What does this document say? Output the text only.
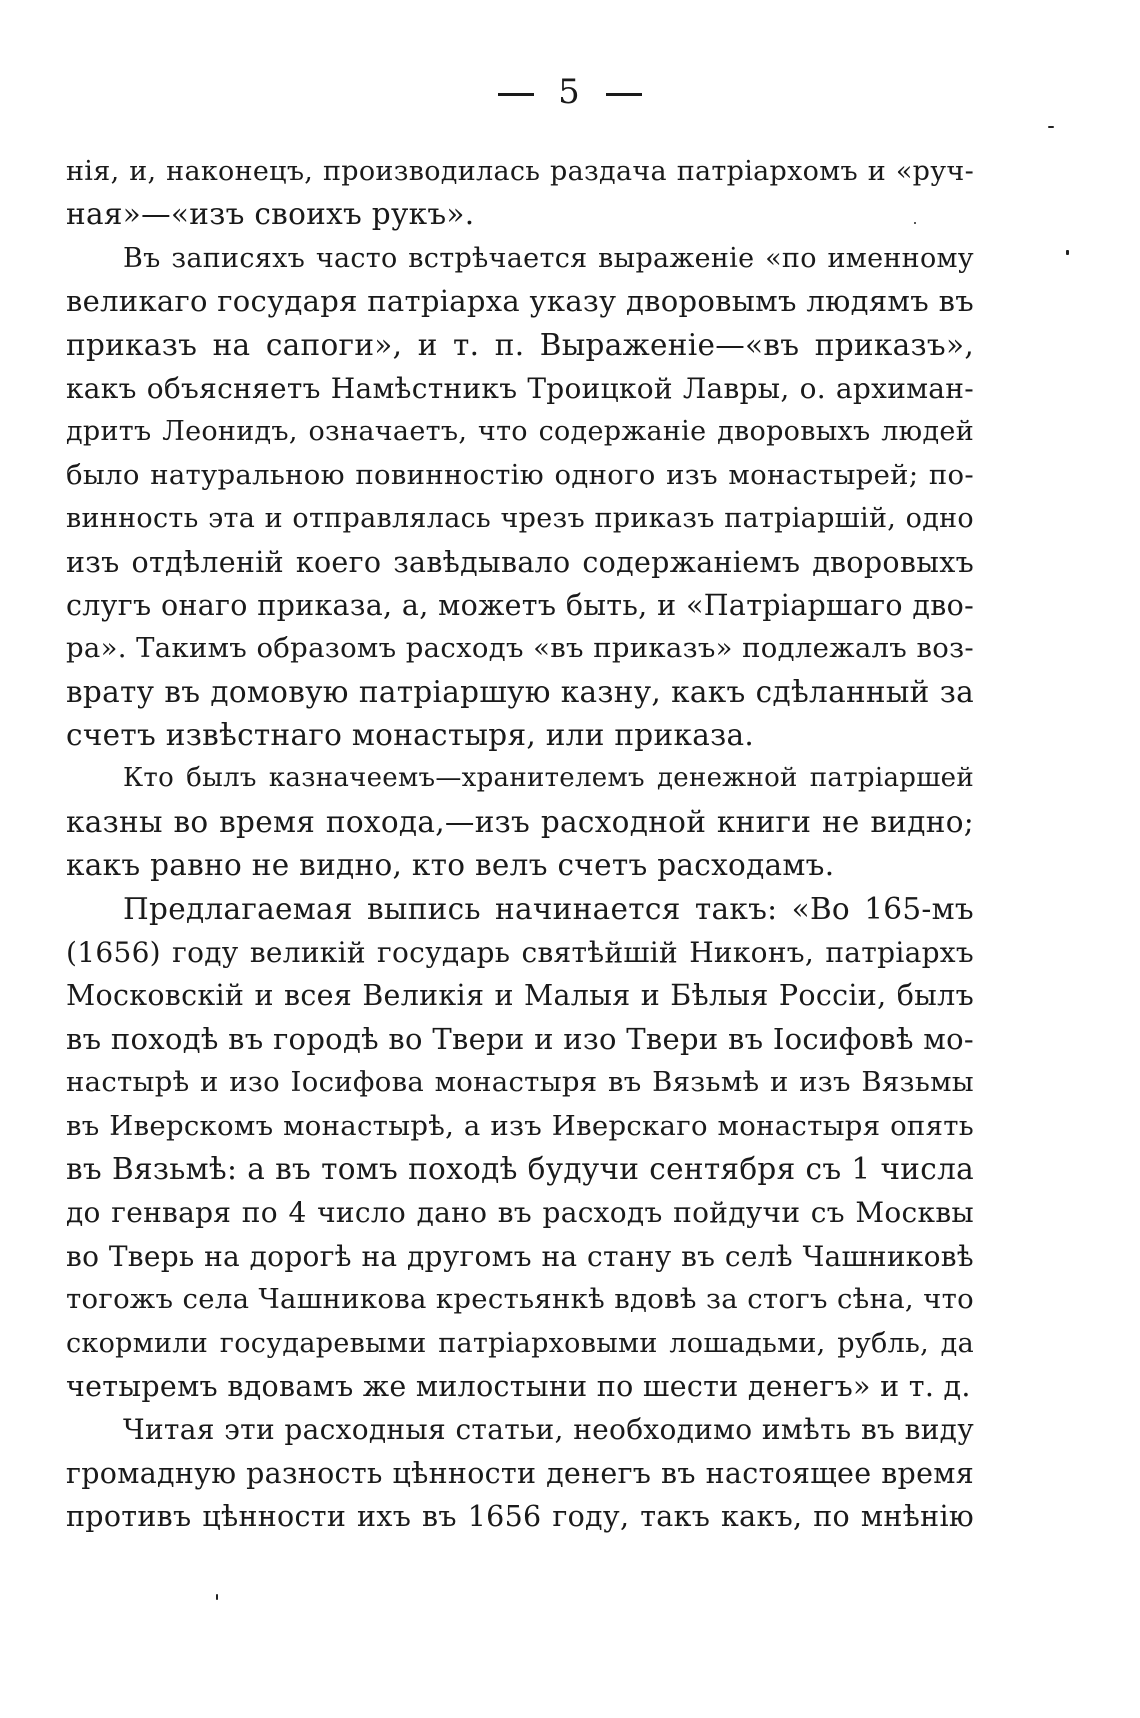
5
нія, и, наконецъ, производилась раздача патріархомъ и «руч-
ная»—«изъ своихъ рукъ».
Въ записяхъ часто встрѣчается выраженіе «по именному
великаго государя патріарха указу дворовымъ людямъ въ
приказъ на сапоги», и т. п. Выраженіе—«въ приказъ»,
какъ объясняетъ Намѣстникъ Троицкой Лавры, о. архиман-
дритъ Леонидъ, означаетъ, что содержаніе дворовыхъ людей
было натуральною повинностію одного изъ монастырей; по-
винность эта и отправлялась чрезъ приказъ патріаршій, одно
изъ отдѣленій коего завѣдывало содержаніемъ дворовыхъ
слугъ онаго приказа, а, можетъ быть, и «Патріаршаго дво-
ра». Такимъ образомъ расходъ «въ приказъ» подлежалъ воз-
врату въ домовую патріаршую казну, какъ сдѣланный за
счетъ извѣстнаго монастыря, или приказа.
Кто былъ казначеемъ—хранителемъ денежной патріаршей
казны во время похода,—изъ расходной книги не видно;
какъ равно не видно, кто велъ счетъ расходамъ.
Предлагаемая выпись начинается такъ: «Во 165-мъ
(1656) году великій государь святѣйшій Никонъ, патріархъ
Московскій и всея Великія и Малыя и Бѣлыя Россіи, былъ
въ походѣ въ городѣ во Твери и изо Твери въ Іосифовѣ мо-
настырѣ и изо Іосифова монастыря въ Вязьмѣ и изъ Вязьмы
въ Иверскомъ монастырѣ, а изъ Иверскаго монастыря опять
въ Вязьмѣ: а въ томъ походѣ будучи сентября съ 1 числа
до генваря по 4 число дано въ расходъ пойдучи съ Москвы
во Тверь на дорогѣ на другомъ на стану въ селѣ Чашниковѣ
тогожъ села Чашникова крестьянкѣ вдовѣ за стогъ сѣна, что
скормили государевыми патріарховыми лошадьми, рубль, да
четыремъ вдовамъ же милостыни по шести денегъ» и т. д.
Читая эти расходныя статьи, необходимо имѣть въ виду
громадную разность цѣнности денегъ въ настоящее время
противъ цѣнности ихъ въ 1656 году, такъ какъ, по мнѣнію
